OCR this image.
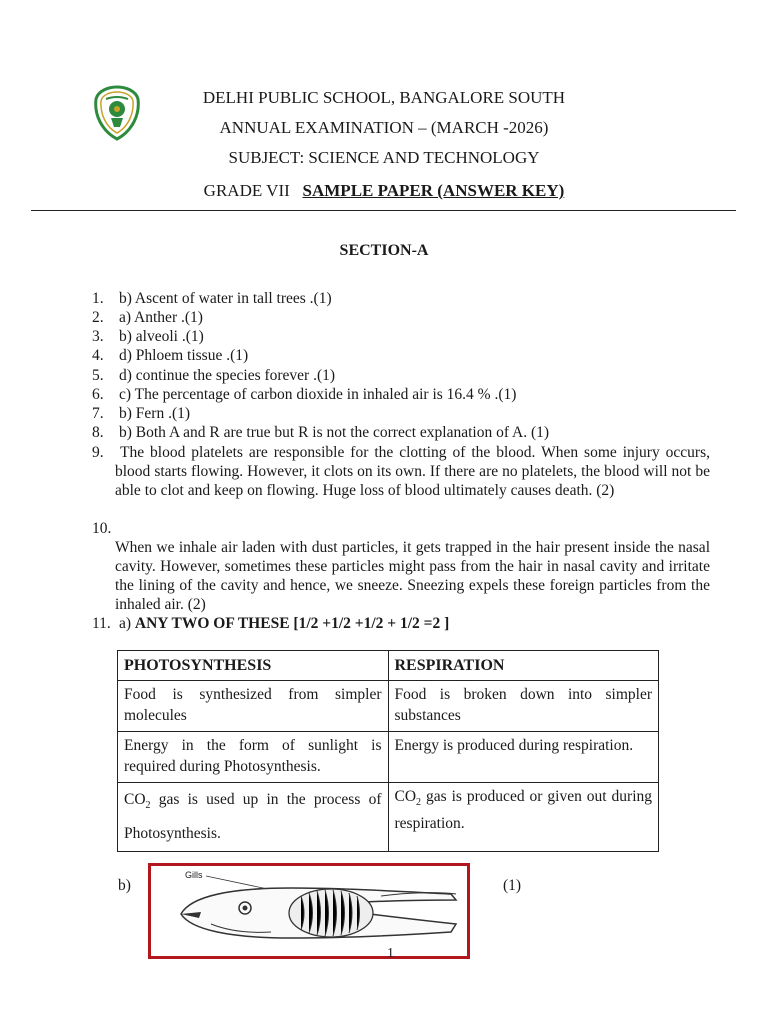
DELHI PUBLIC SCHOOL, BANGALORE SOUTH
ANNUAL EXAMINATION – (MARCH -2026)
SUBJECT: SCIENCE AND TECHNOLOGY
GRADE VII SAMPLE PAPER (ANSWER KEY)
SECTION-A
1. b) Ascent of water in tall trees .(1)
2. a) Anther .(1)
3. b) alveoli .(1)
4. d) Phloem tissue .(1)
5. d) continue the species forever .(1)
6. c) The percentage of carbon dioxide in inhaled air is 16.4 % .(1)
7. b) Fern .(1)
8. b) Both A and R are true but R is not the correct explanation of A. (1)
9.	The blood platelets are responsible for the clotting of the blood. When some injury occurs, blood starts flowing. However, it clots on its own. If there are no platelets, the blood will not be able to clot and keep on flowing. Huge loss of blood ultimately causes death. (2)
10.
When we inhale air laden with dust particles, it gets trapped in the hair present inside the nasal cavity. However, sometimes these particles might pass from the hair in nasal cavity and irritate the lining of the cavity and hence, we sneeze. Sneezing expels these foreign particles from the inhaled air. (2)
11. a) ANY TWO OF THESE [1/2 +1/2 +1/2 + 1/2 =2 ]
PHOTOSYNTHESIS	RESPIRATION
Food is synthesized from simpler molecules	Food is broken down into simpler substances
Energy in the form of sunlight is required during Photosynthesis.	Energy is produced during respiration.
$CO_2$ gas is used up in the process of Photosynthesis.	$CO_2$ gas is produced or given out during respiration.
b)	(1)
Gills
1
